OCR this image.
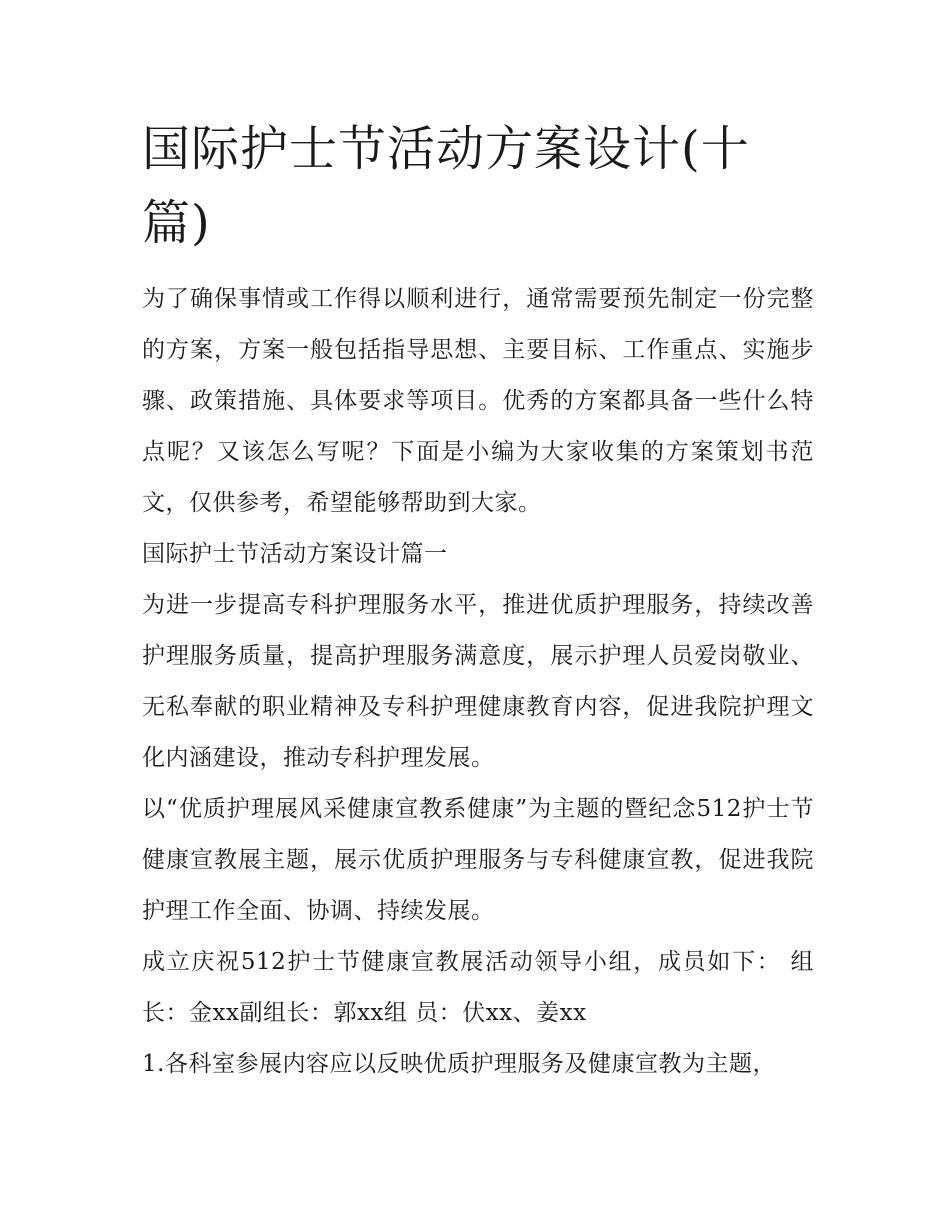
国际护士节活动方案设计(十篇)

为了确保事情或工作得以顺利进行，通常需要预先制定一份完整的方案，方案一般包括指导思想、主要目标、工作重点、实施步骤、政策措施、具体要求等项目。优秀的方案都具备一些什么特点呢？又该怎么写呢？下面是小编为大家收集的方案策划书范文，仅供参考，希望能够帮助到大家。

国际护士节活动方案设计篇一

为进一步提高专科护理服务水平，推进优质护理服务，持续改善护理服务质量，提高护理服务满意度，展示护理人员爱岗敬业、无私奉献的职业精神及专科护理健康教育内容，促进我院护理文化内涵建设，推动专科护理发展。

以“优质护理展风采健康宣教系健康”为主题的暨纪念512护士节健康宣教展主题，展示优质护理服务与专科健康宣教，促进我院护理工作全面、协调、持续发展。

成立庆祝512护士节健康宣教展活动领导小组，成员如下： 组长：金xx副组长：郭xx组 员：伏xx、姜xx

1.各科室参展内容应以反映优质护理服务及健康宣教为主题，
